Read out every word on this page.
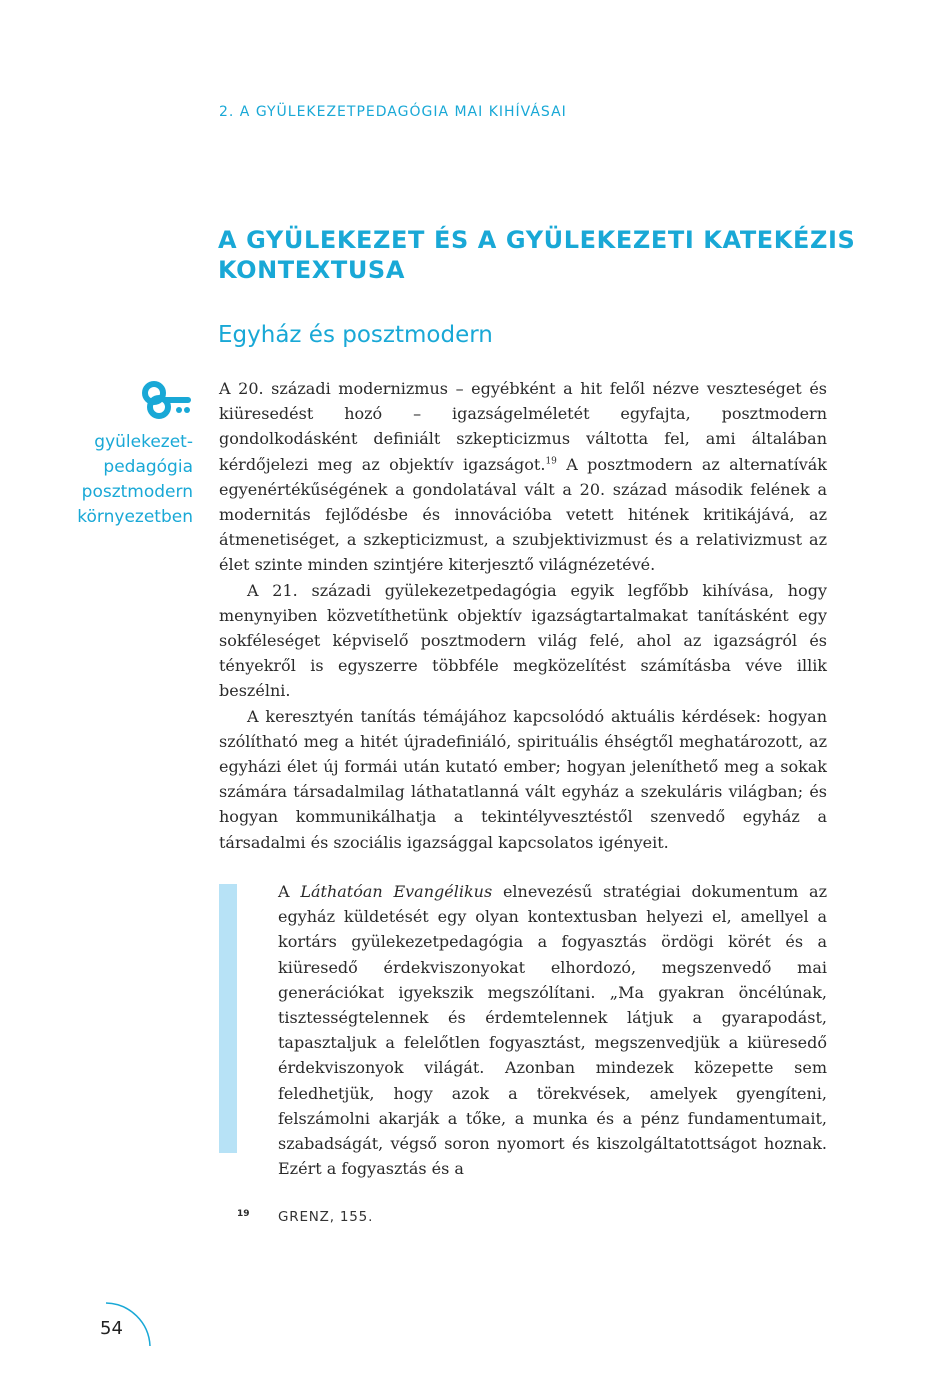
2. A GYÜLEKEZETPEDAGÓGIA MAI KIHÍVÁSAI
A GYÜLEKEZET ÉS A GYÜLEKEZETI KATEKÉZIS
KONTEXTUSA
Egyház és posztmodern
gyülekezet-
pedagógia
posztmodern
környezetben

A 20. századi modernizmus – egyébként a hit felől nézve veszteséget és kiüresedést hozó – igazságelméletét egyfajta, posztmodern gondolkodásként definiált szkepticizmus váltotta fel, ami általában kérdőjelezi meg az objektív igazságot.$^{19}$ A posztmodern az alternatívák egyenértékűségének a gondolatával vált a 20. század második felének a modernitás fejlődésbe és innovációba vetett hitének kritikájává, az átmenetiséget, a szkepticizmust, a szubjektivizmust és a relativizmust az élet szinte minden szintjére kiterjesztő világnézetévé.

A 21. századi gyülekezetpedagógia egyik legfőbb kihívása, hogy menynyiben közvetíthetünk objektív igazságtartalmakat tanításként egy sokféleséget képviselő posztmodern világ felé, ahol az igazságról és tényekről is egyszerre többféle megközelítést számításba véve illik beszélni.

A keresztyén tanítás témájához kapcsolódó aktuális kérdések: hogyan szólítható meg a hitét újradefiniáló, spirituális éhségtől meghatározott, az egyházi élet új formái után kutató ember; hogyan jeleníthető meg a sokak számára társadalmilag láthatatlanná vált egyház a szekuláris világban; és hogyan kommunikálhatja a tekintélyvesztéstől szenvedő egyház a társadalmi és szociális igazsággal kapcsolatos igényeit.

A Láthatóan Evangélikus elnevezésű stratégiai dokumentum az egyház küldetését egy olyan kontextusban helyezi el, amellyel a kortárs gyülekezetpedagógia a fogyasztás ördögi körét és a kiüresedő érdekviszonyokat elhordozó, megszenvedő mai generációkat igyekszik megszólítani. „Ma gyakran öncélúnak, tisztességtelennek és érdemtelennek látjuk a gyarapodást, tapasztaljuk a felelőtlen fogyasztást, megszenvedjük a kiüresedő érdekviszonyok világát. Azonban mindezek közepette sem feledhetjük, hogy azok a törekvések, amelyek gyengíteni, felszámolni akarják a tőke, a munka és a pénz fundamentumait, szabadságát, végső soron nyomort és kiszolgáltatottságot hoznak. Ezért a fogyasztás és a

19 GRENZ, 155.
54
